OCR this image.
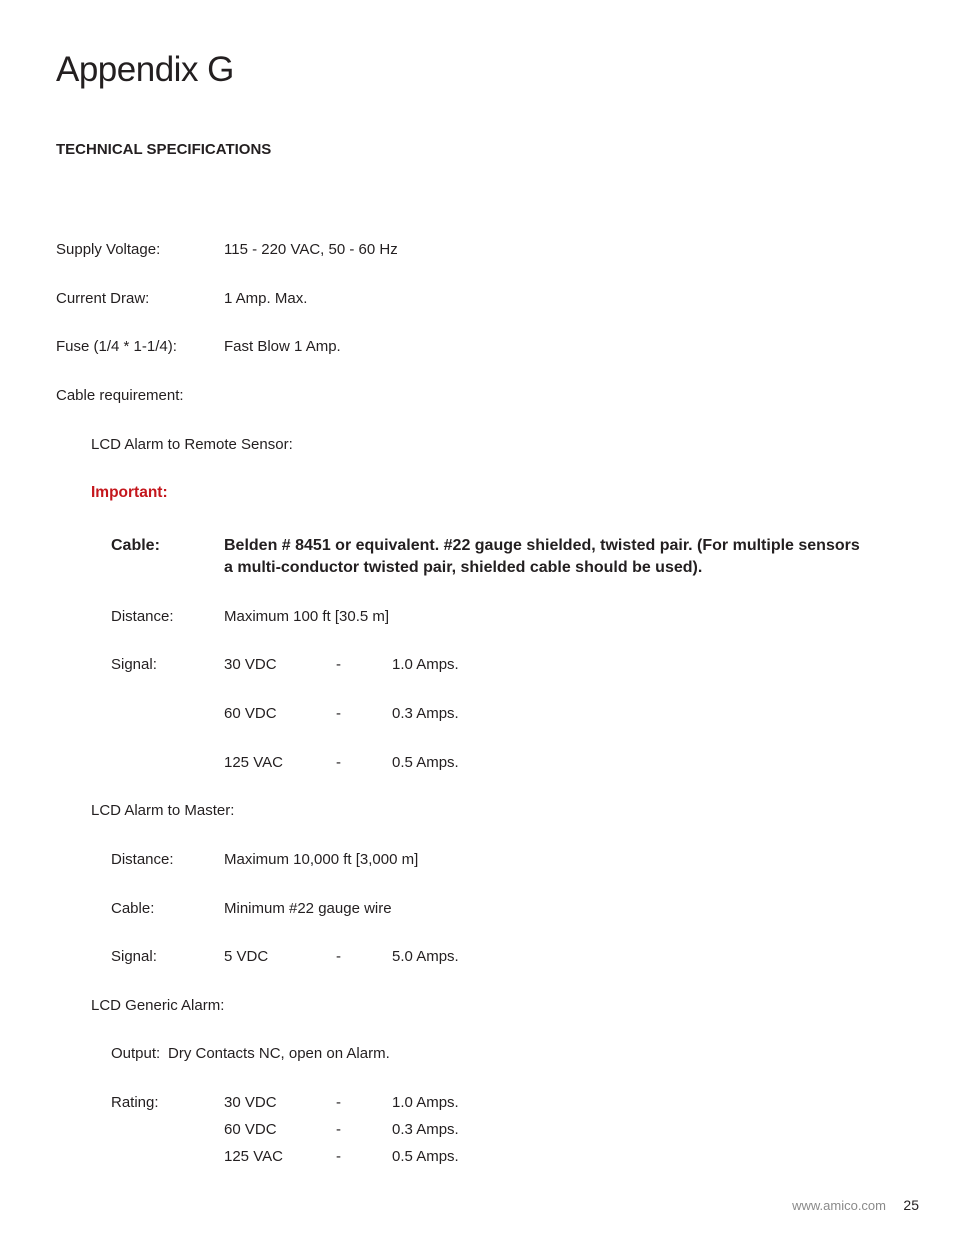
Appendix G
TECHNICAL SPECIFICATIONS
Supply Voltage:	115 - 220 VAC, 50 - 60 Hz
Current Draw:	1 Amp. Max.
Fuse (1/4 * 1-1/4):	Fast Blow 1 Amp.
Cable requirement:
LCD Alarm to Remote Sensor:
Important:
Cable:	Belden # 8451 or equivalent. #22 gauge shielded, twisted pair. (For multiple sensors a multi-conductor twisted pair, shielded cable should be used).
Distance:	Maximum 100 ft [30.5 m]
Signal:	30 VDC	-	1.0 Amps.
60 VDC	-	0.3 Amps.
125 VAC	-	0.5 Amps.
LCD Alarm to Master:
Distance:	Maximum 10,000 ft [3,000 m]
Cable:	Minimum #22 gauge wire
Signal:	5 VDC	-	5.0 Amps.
LCD Generic Alarm:
Output: Dry Contacts NC, open on Alarm.
Rating:	30 VDC	-	1.0 Amps.
60 VDC	-	0.3 Amps.
125 VAC	-	0.5 Amps.
www.amico.com 25
